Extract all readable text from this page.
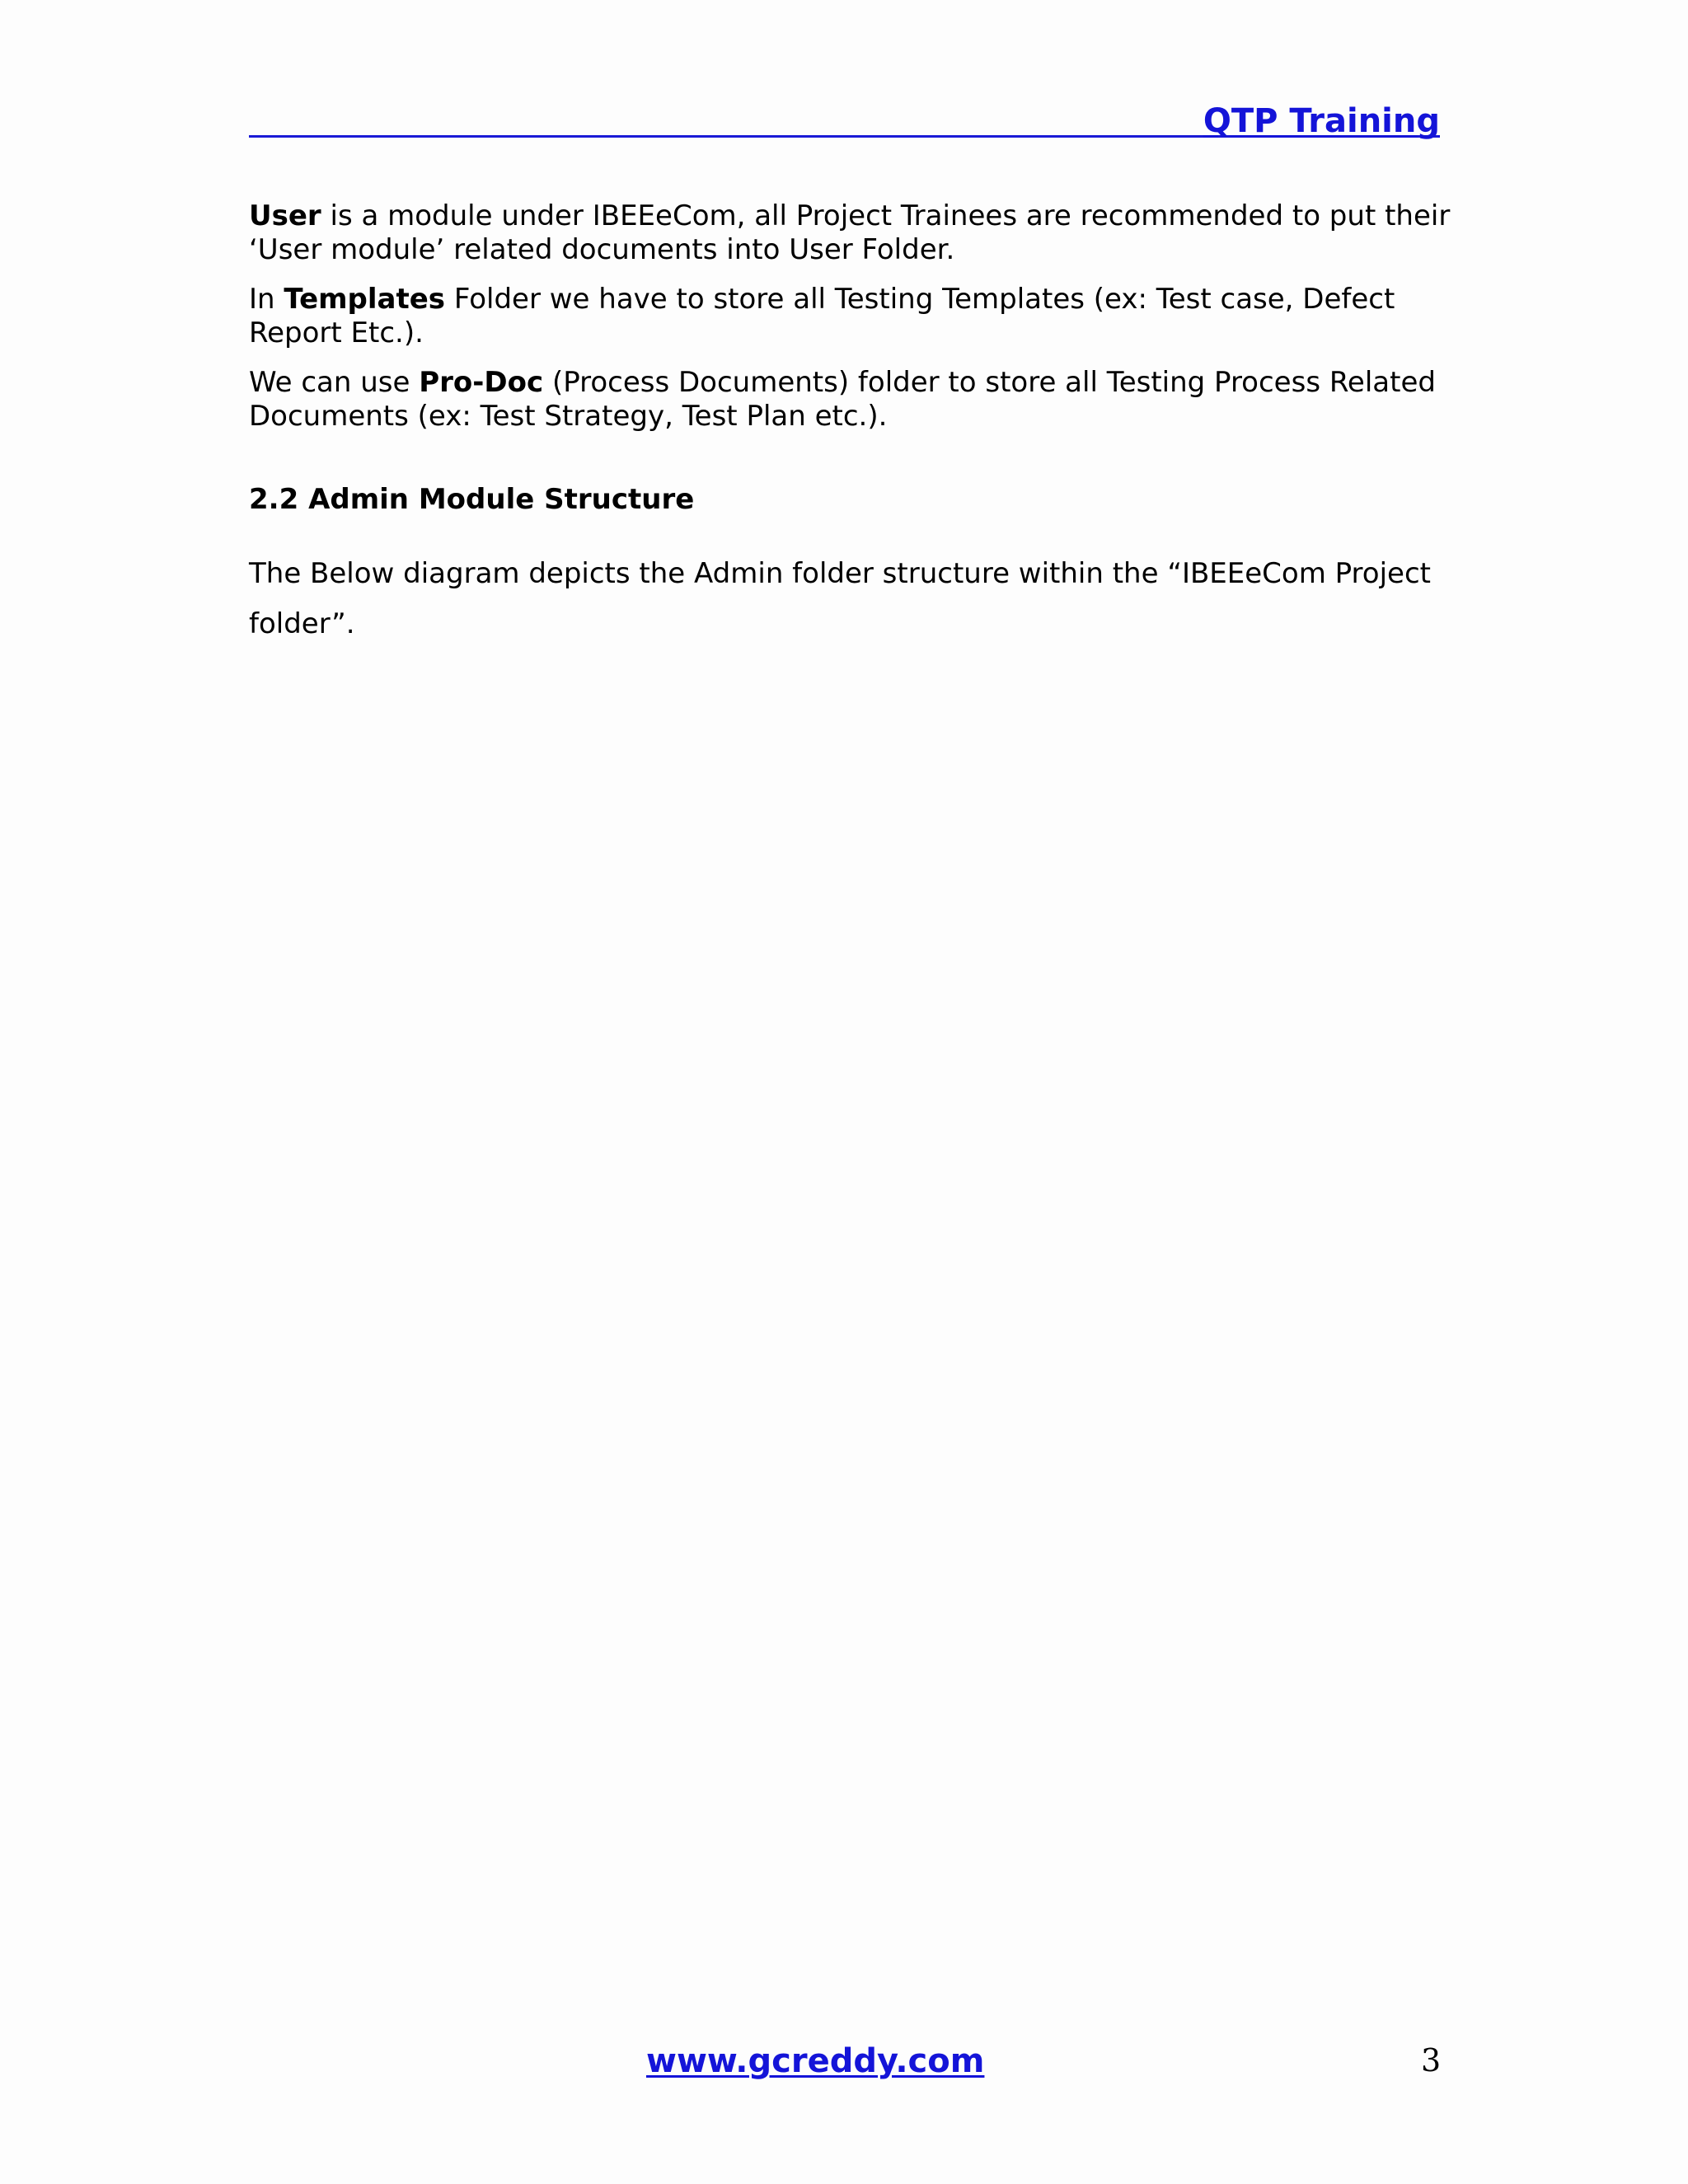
QTP Training

User is a module under IBEEeCom, all Project Trainees are recommended to put their ‘User module’ related documents into User Folder.

In Templates Folder we have to store all Testing Templates (ex: Test case, Defect Report Etc.).

We can use Pro-Doc (Process Documents) folder to store all Testing Process Related Documents (ex: Test Strategy, Test Plan etc.).

2.2 Admin Module Structure

The Below diagram depicts the Admin folder structure within the “IBEEeCom Project folder”.

www.gcreddy.com	3
